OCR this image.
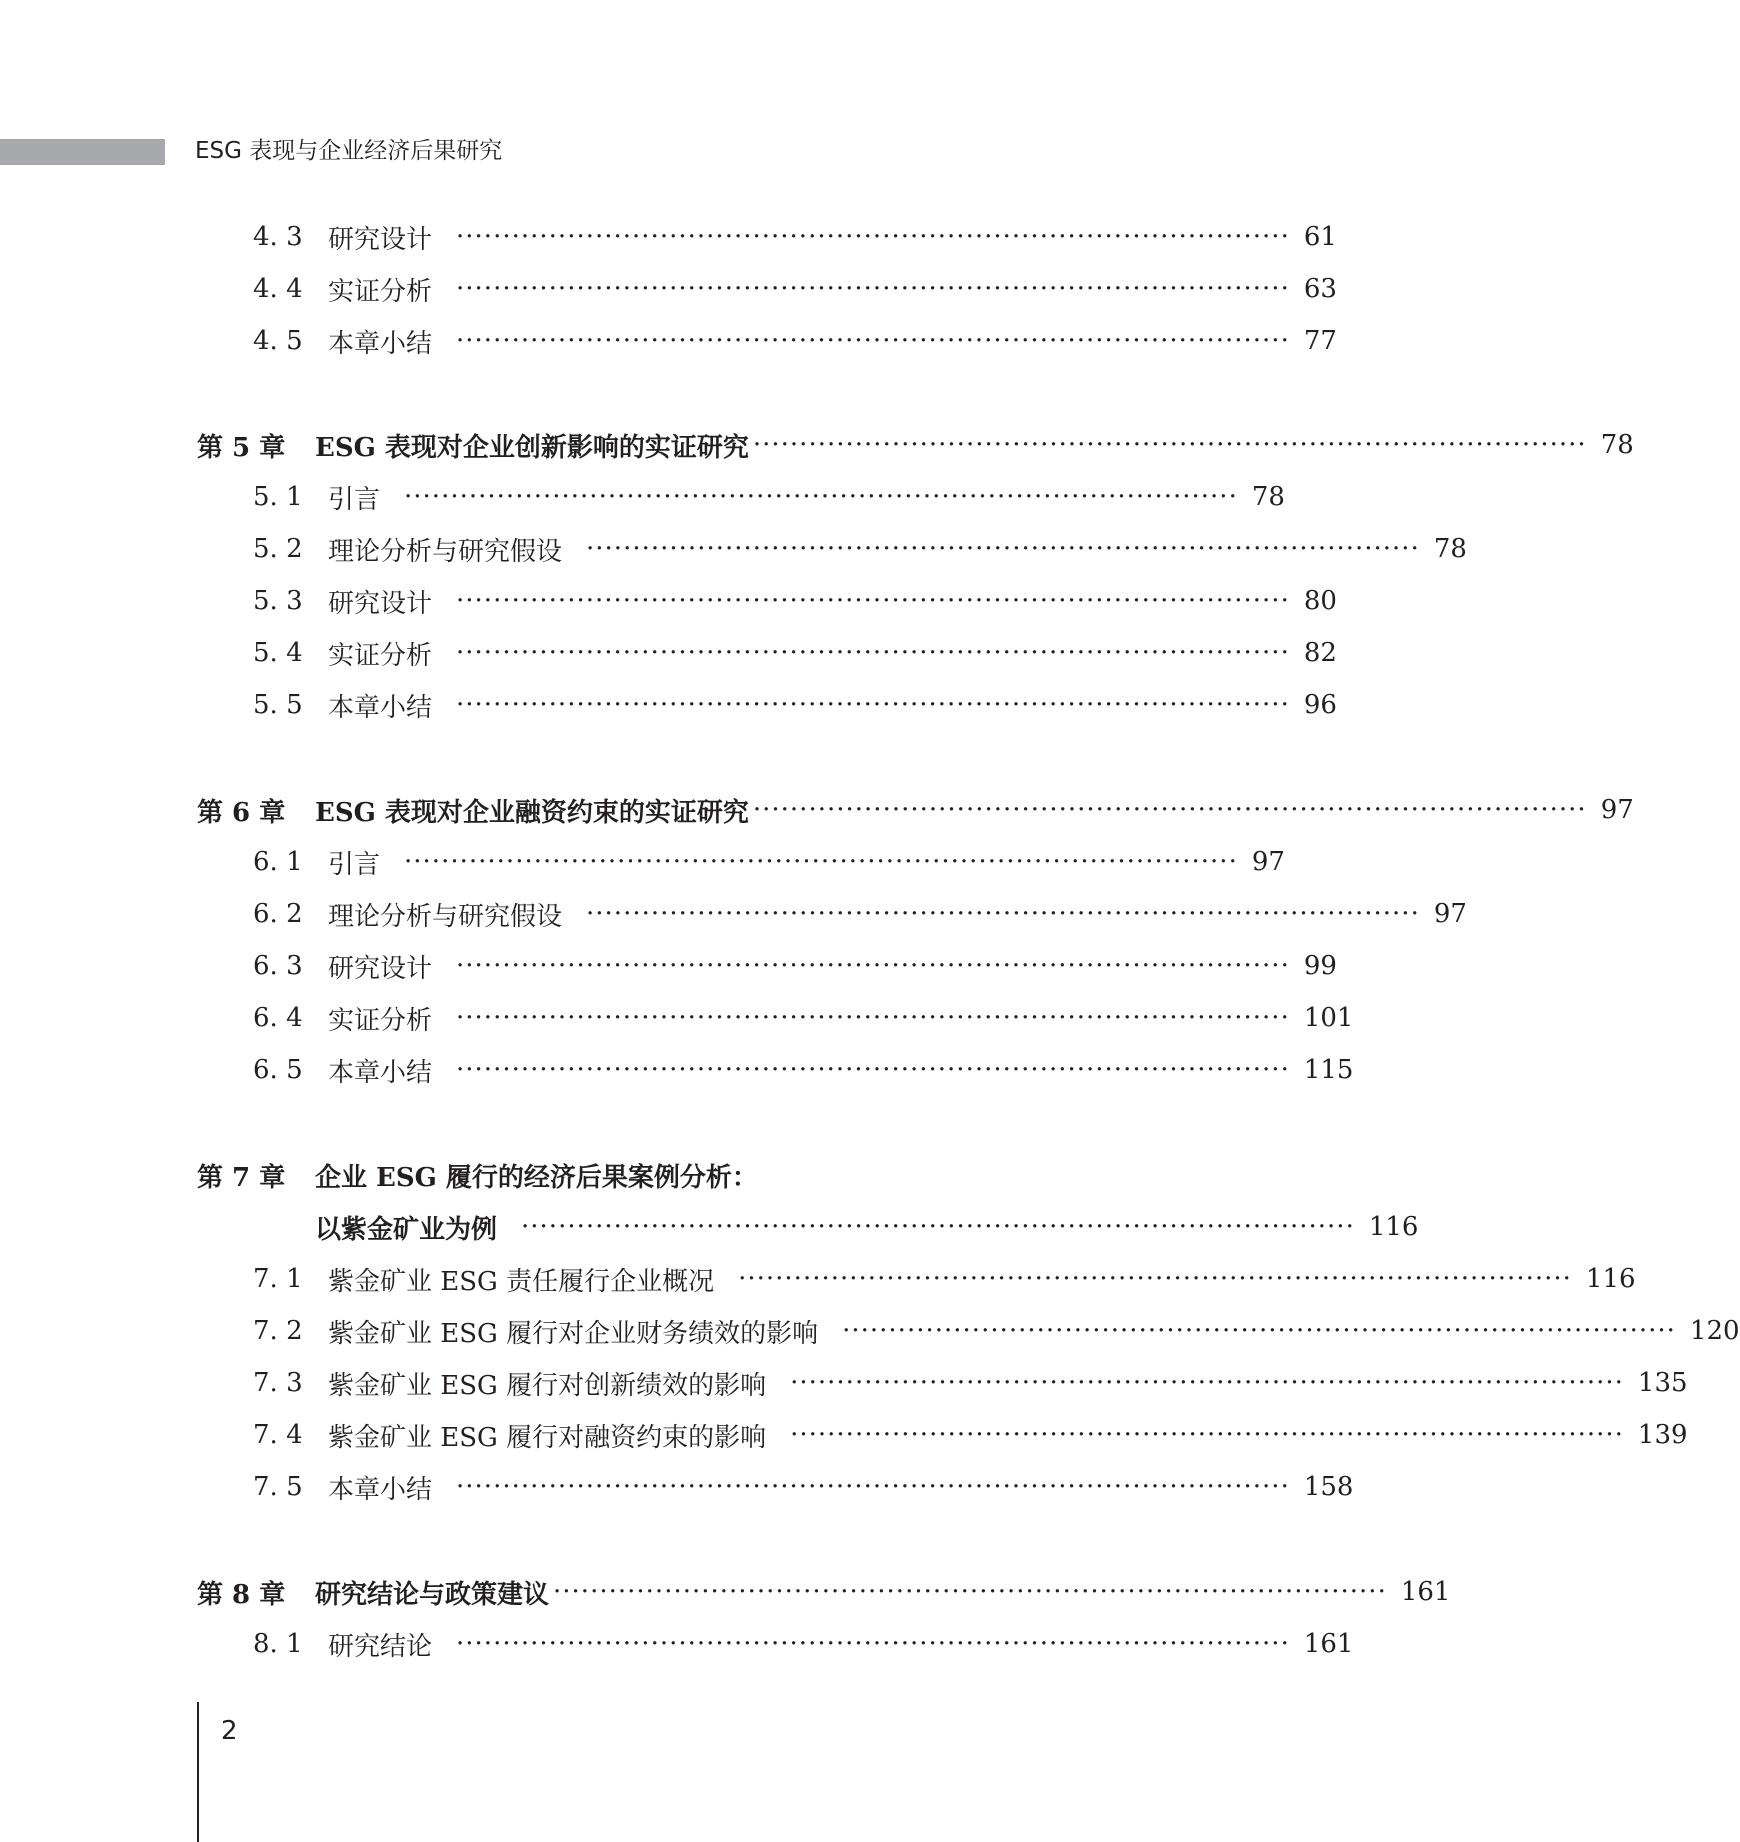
ESG 表现与企业经济后果研究
4. 3 研究设计 ·························································································· 61
4. 4 实证分析 ·························································································· 63
4. 5 本章小结 ·························································································· 77
第 5 章	ESG 表现对企业创新影响的实证研究 ·························································································· 78
5. 1 引言 ·························································································· 78
5. 2 理论分析与研究假设 ·························································································· 78
5. 3 研究设计 ·························································································· 80
5. 4 实证分析 ·························································································· 82
5. 5 本章小结 ·························································································· 96
第 6 章	ESG 表现对企业融资约束的实证研究 ·························································································· 97
6. 1 引言 ·························································································· 97
6. 2 理论分析与研究假设 ·························································································· 97
6. 3 研究设计 ·························································································· 99
6. 4 实证分析 ·························································································· 101
6. 5 本章小结 ·························································································· 115
第 7 章	企业 ESG 履行的经济后果案例分析：
以紫金矿业为例 ·························································································· 116
7. 1 紫金矿业 ESG 责任履行企业概况 ·························································································· 116
7. 2 紫金矿业 ESG 履行对企业财务绩效的影响 ·························································································· 120
7. 3 紫金矿业 ESG 履行对创新绩效的影响 ·························································································· 135
7. 4 紫金矿业 ESG 履行对融资约束的影响 ·························································································· 139
7. 5 本章小结 ·························································································· 158
第 8 章	研究结论与政策建议 ·························································································· 161
8. 1 研究结论 ·························································································· 161
2
